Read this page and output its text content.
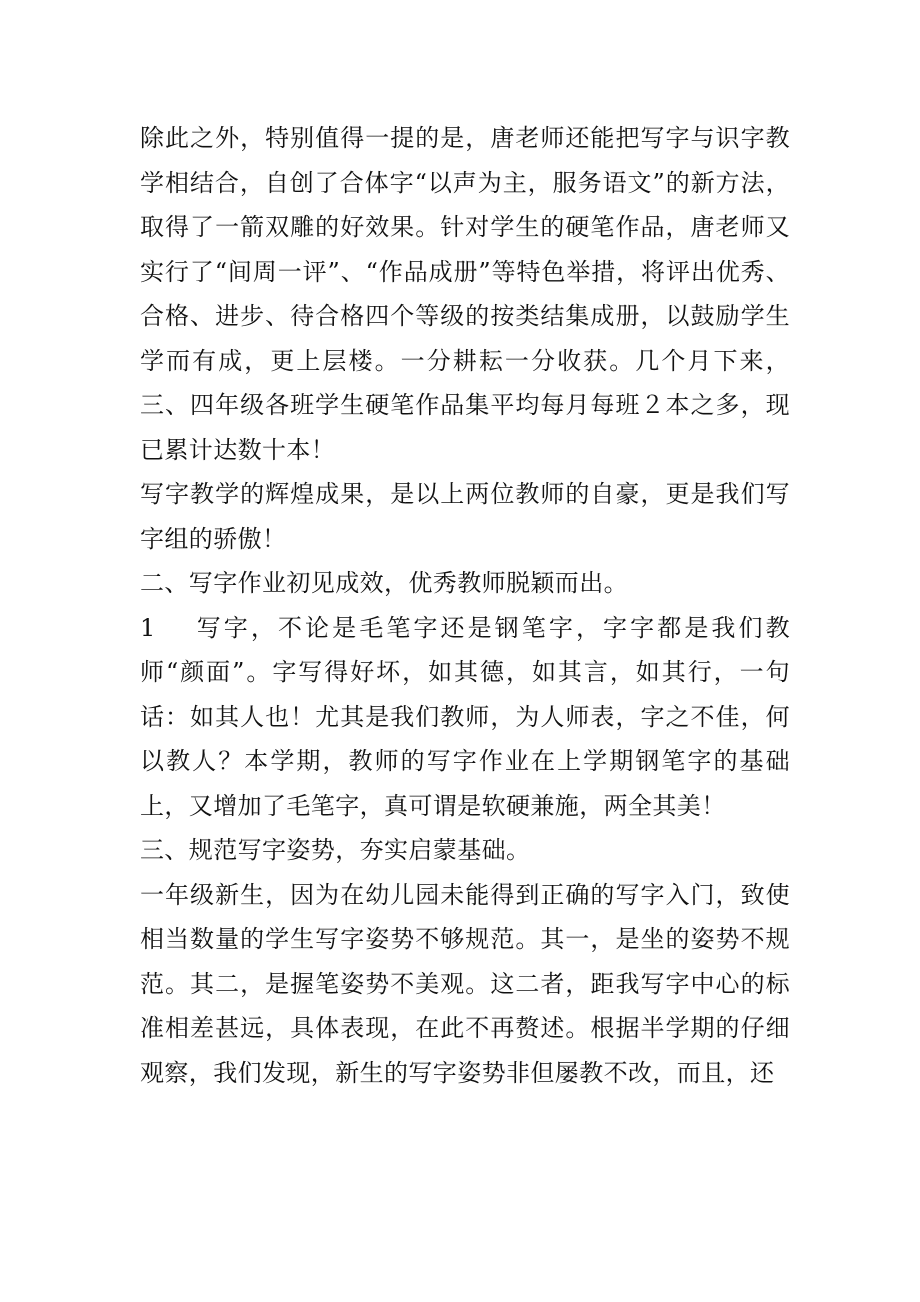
除此之外，特别值得一提的是，唐老师还能把写字与识字教学相结合，自创了合体字“以声为主，服务语文”的新方法，取得了一箭双雕的好效果。针对学生的硬笔作品，唐老师又实行了“间周一评”、“作品成册”等特色举措，将评出优秀、合格、进步、待合格四个等级的按类结集成册，以鼓励学生学而有成，更上层楼。一分耕耘一分收获。几个月下来，三、四年级各班学生硬笔作品集平均每月每班２本之多，现已累计达数十本！

写字教学的辉煌成果，是以上两位教师的自豪，更是我们写字组的骄傲！

二、写字作业初见成效，优秀教师脱颖而出。

1 写字，不论是毛笔字还是钢笔字，字字都是我们教师“颜面”。字写得好坏，如其德，如其言，如其行，一句话：如其人也！尤其是我们教师，为人师表，字之不佳，何以教人？本学期，教师的写字作业在上学期钢笔字的基础上，又增加了毛笔字，真可谓是软硬兼施，两全其美！

三、规范写字姿势，夯实启蒙基础。

一年级新生，因为在幼儿园未能得到正确的写字入门，致使相当数量的学生写字姿势不够规范。其一，是坐的姿势不规范。其二，是握笔姿势不美观。这二者，距我写字中心的标准相差甚远，具体表现，在此不再赘述。根据半学期的仔细观察，我们发现，新生的写字姿势非但屡教不改，而且，还
